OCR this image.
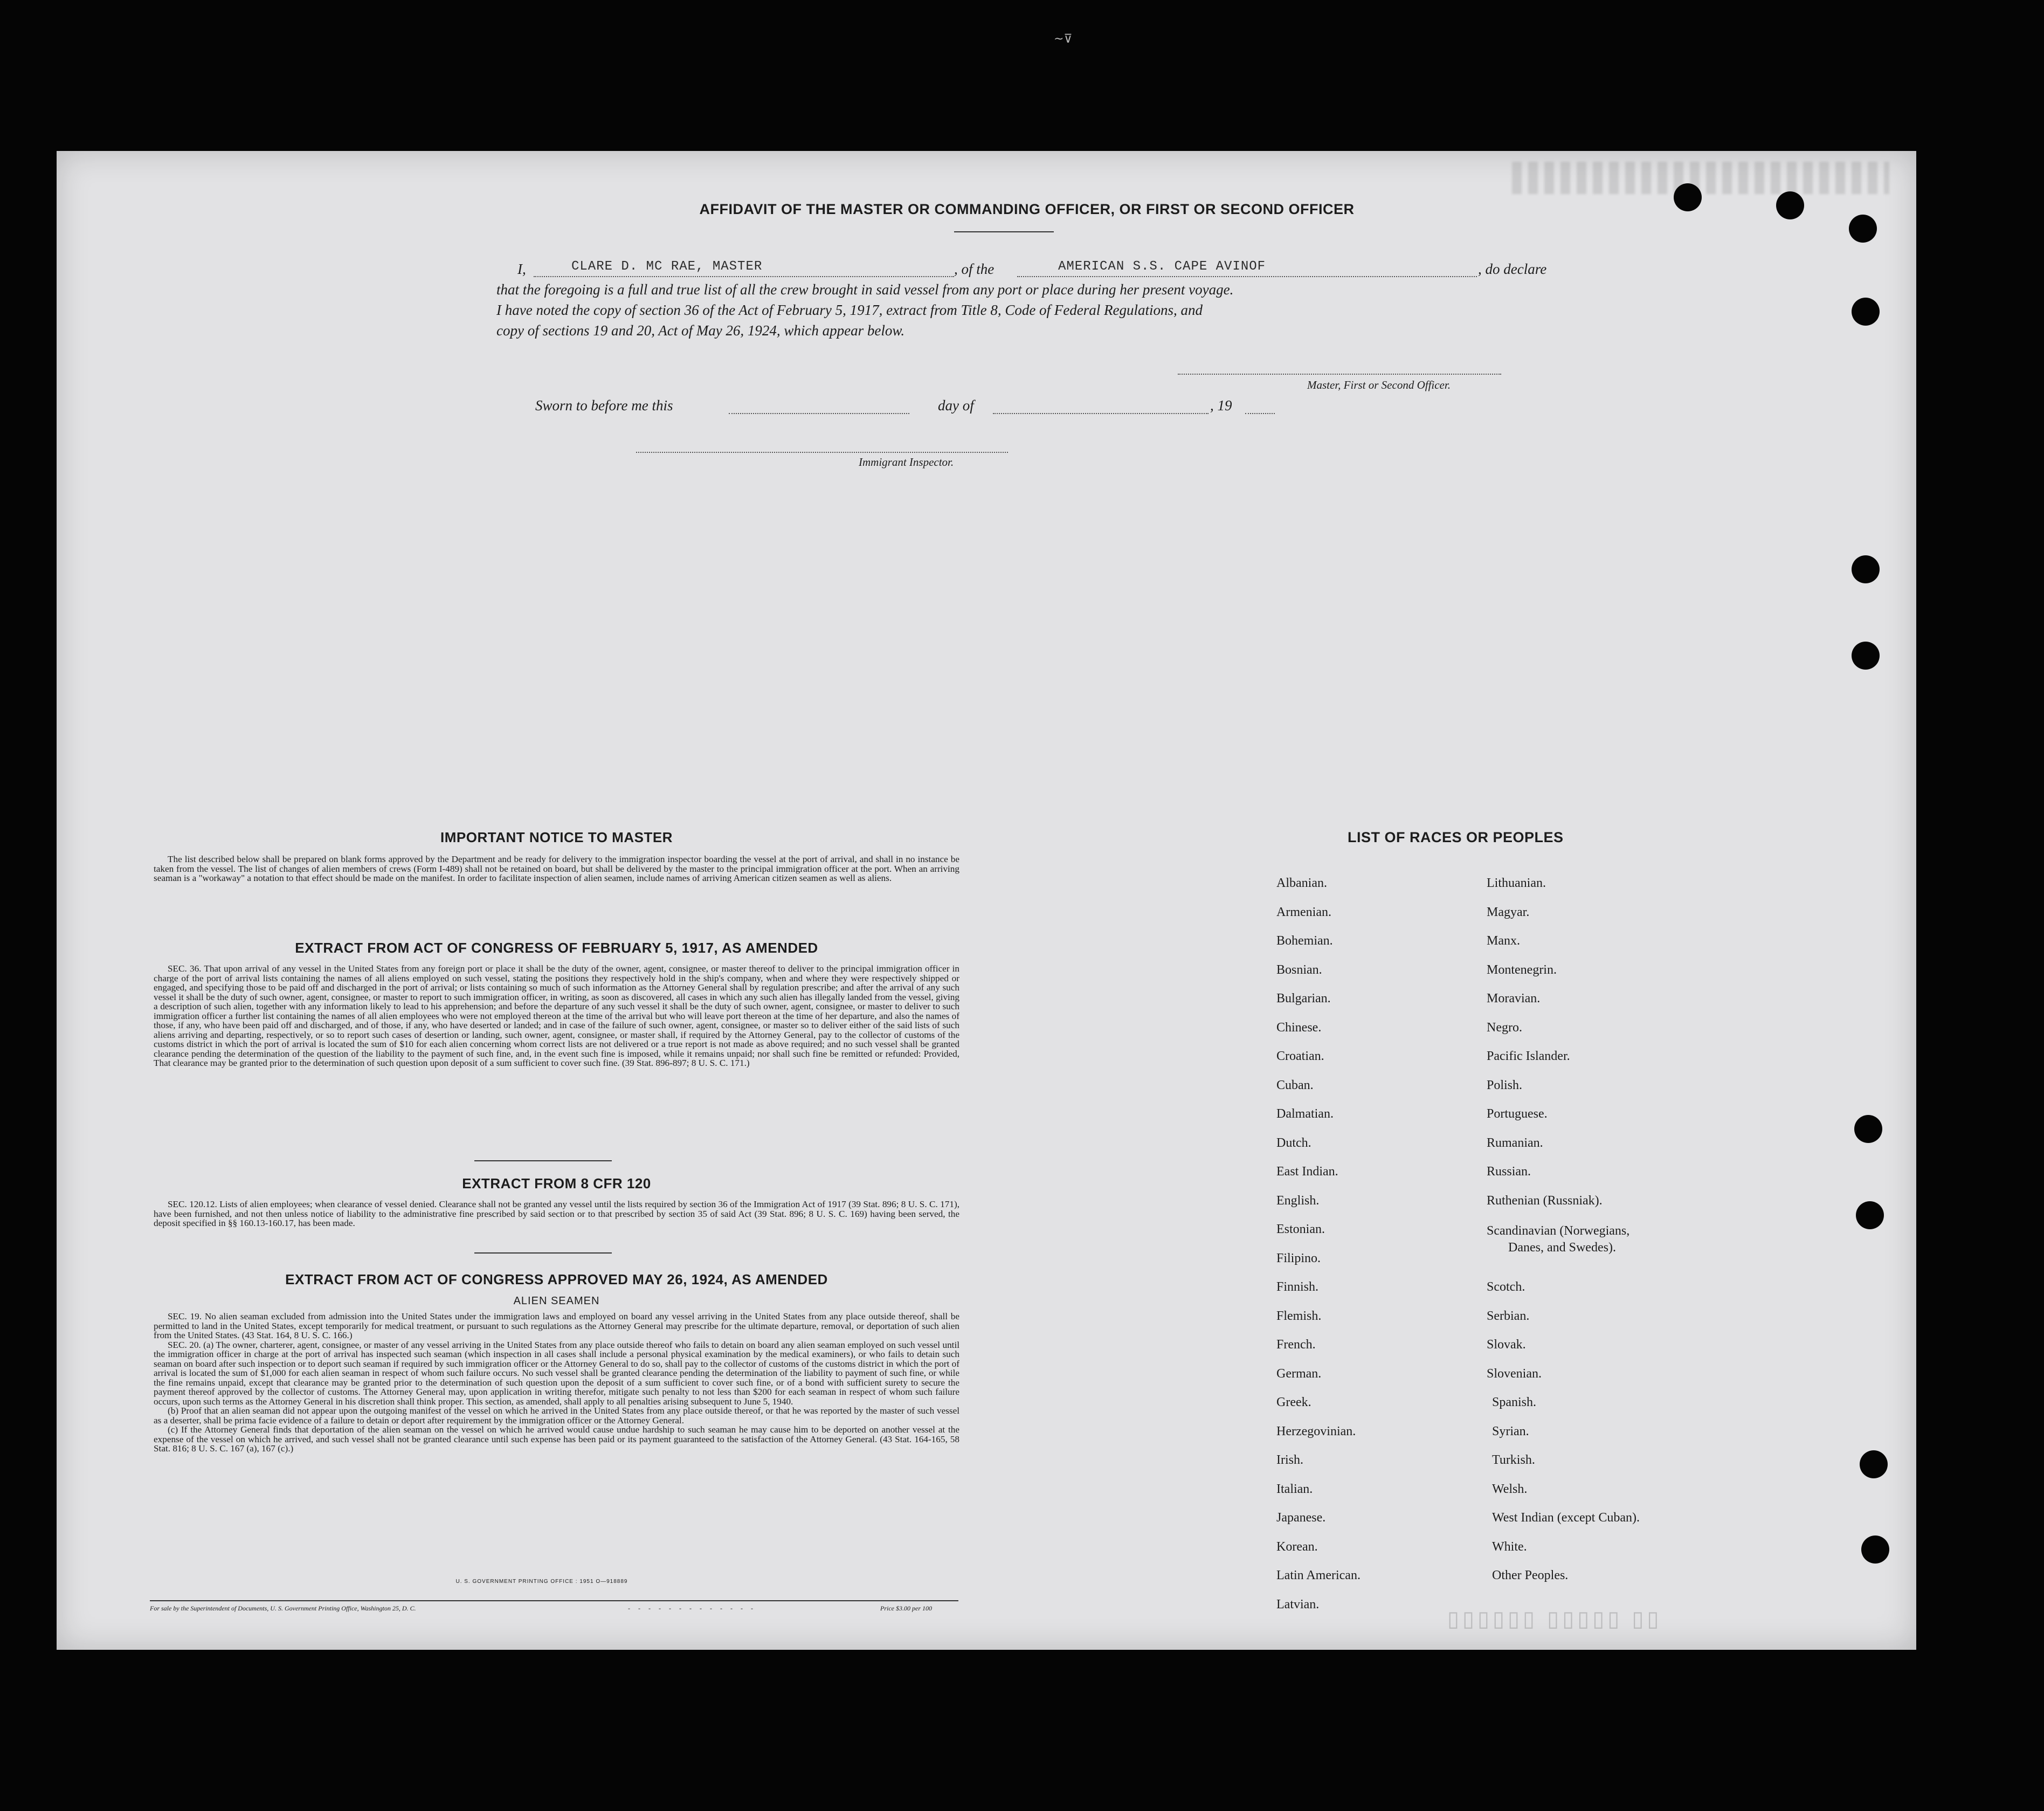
~⊽
▯▯▯▯▯▯ ▯▯▯▯▯ ▯▯
AFFIDAVIT OF THE MASTER OR COMMANDING OFFICER, OR FIRST OR SECOND OFFICER
I,	CLARE D. MC RAE, MASTER	, of the	AMERICAN S.S. CAPE AVINOF	, do declare
that the foregoing is a full and true list of all the crew brought in said vessel from any port or place during her present voyage.
I have noted the copy of section 36 of the Act of February 5, 1917, extract from Title 8, Code of Federal Regulations, and
copy of sections 19 and 20, Act of May 26, 1924, which appear below.
Master, First or Second Officer.
Sworn to before me this	day of	, 19
Immigrant Inspector.
IMPORTANT NOTICE TO MASTER
The list described below shall be prepared on blank forms approved by the Department and be ready for delivery to the immigration inspector boarding the vessel at the port of arrival, and shall in no instance be taken from the vessel. The list of changes of alien members of crews (Form I-489) shall not be retained on board, but shall be delivered by the master to the principal immigration officer at the port. When an arriving seaman is a "workaway" a notation to that effect should be made on the manifest. In order to facilitate inspection of alien seamen, include names of arriving American citizen seamen as well as aliens.
EXTRACT FROM ACT OF CONGRESS OF FEBRUARY 5, 1917, AS AMENDED
SEC. 36. That upon arrival of any vessel in the United States from any foreign port or place it shall be the duty of the owner, agent, consignee, or master thereof to deliver to the principal immigration officer in charge of the port of arrival lists containing the names of all aliens employed on such vessel, stating the positions they respectively hold in the ship's company, when and where they were respectively shipped or engaged, and specifying those to be paid off and discharged in the port of arrival; or lists containing so much of such information as the Attorney General shall by regulation prescribe; and after the arrival of any such vessel it shall be the duty of such owner, agent, consignee, or master to report to such immigration officer, in writing, as soon as discovered, all cases in which any such alien has illegally landed from the vessel, giving a description of such alien, together with any information likely to lead to his apprehension; and before the departure of any such vessel it shall be the duty of such owner, agent, consignee, or master to deliver to such immigration officer a further list containing the names of all alien employees who were not employed thereon at the time of the arrival but who will leave port thereon at the time of her departure, and also the names of those, if any, who have been paid off and discharged, and of those, if any, who have deserted or landed; and in case of the failure of such owner, agent, consignee, or master so to deliver either of the said lists of such aliens arriving and departing, respectively, or so to report such cases of desertion or landing, such owner, agent, consignee, or master shall, if required by the Attorney General, pay to the collector of customs of the customs district in which the port of arrival is located the sum of $10 for each alien concerning whom correct lists are not delivered or a true report is not made as above required; and no such vessel shall be granted clearance pending the determination of the question of the liability to the payment of such fine, and, in the event such fine is imposed, while it remains unpaid; nor shall such fine be remitted or refunded: Provided, That clearance may be granted prior to the determination of such question upon deposit of a sum sufficient to cover such fine. (39 Stat. 896-897; 8 U. S. C. 171.)
EXTRACT FROM 8 CFR 120
SEC. 120.12. Lists of alien employees; when clearance of vessel denied. Clearance shall not be granted any vessel until the lists required by section 36 of the Immigration Act of 1917 (39 Stat. 896; 8 U. S. C. 171), have been furnished, and not then unless notice of liability to the administrative fine prescribed by said section or to that prescribed by section 35 of said Act (39 Stat. 896; 8 U. S. C. 169) having been served, the deposit specified in §§ 160.13-160.17, has been made.
EXTRACT FROM ACT OF CONGRESS APPROVED MAY 26, 1924, AS AMENDED
ALIEN SEAMEN
SEC. 19. No alien seaman excluded from admission into the United States under the immigration laws and employed on board any vessel arriving in the United States from any place outside thereof, shall be permitted to land in the United States, except temporarily for medical treatment, or pursuant to such regulations as the Attorney General may prescribe for the ultimate departure, removal, or deportation of such alien from the United States. (43 Stat. 164, 8 U. S. C. 166.)
SEC. 20. (a) The owner, charterer, agent, consignee, or master of any vessel arriving in the United States from any place outside thereof who fails to detain on board any alien seaman employed on such vessel until the immigration officer in charge at the port of arrival has inspected such seaman (which inspection in all cases shall include a personal physical examination by the medical examiners), or who fails to detain such seaman on board after such inspection or to deport such seaman if required by such immigration officer or the Attorney General to do so, shall pay to the collector of customs of the customs district in which the port of arrival is located the sum of $1,000 for each alien seaman in respect of whom such failure occurs. No such vessel shall be granted clearance pending the determination of the liability to payment of such fine, or while the fine remains unpaid, except that clearance may be granted prior to the determination of such question upon the deposit of a sum sufficient to cover such fine, or of a bond with sufficient surety to secure the payment thereof approved by the collector of customs. The Attorney General may, upon application in writing therefor, mitigate such penalty to not less than $200 for each seaman in respect of whom such failure occurs, upon such terms as the Attorney General in his discretion shall think proper. This section, as amended, shall apply to all penalties arising subsequent to June 5, 1940.
(b) Proof that an alien seaman did not appear upon the outgoing manifest of the vessel on which he arrived in the United States from any place outside thereof, or that he was reported by the master of such vessel as a deserter, shall be prima facie evidence of a failure to detain or deport after requirement by the immigration officer or the Attorney General.
(c) If the Attorney General finds that deportation of the alien seaman on the vessel on which he arrived would cause undue hardship to such seaman he may cause him to be deported on another vessel at the expense of the vessel on which he arrived, and such vessel shall not be granted clearance until such expense has been paid or its payment guaranteed to the satisfaction of the Attorney General. (43 Stat. 164-165, 58 Stat. 816; 8 U. S. C. 167 (a), 167 (c).)
U. S. GOVERNMENT PRINTING OFFICE : 1951 O—918889
For sale by the Superintendent of Documents, U. S. Government Printing Office, Washington 25, D. C.	- - - - - - - - - - - - -	Price $3.00 per 100
LIST OF RACES OR PEOPLES
Albanian.
Armenian.
Bohemian.
Bosnian.
Bulgarian.
Chinese.
Croatian.
Cuban.
Dalmatian.
Dutch.
East Indian.
English.
Estonian.
Filipino.
Finnish.
Flemish.
French.
German.
Greek.
Herzegovinian.
Irish.
Italian.
Japanese.
Korean.
Latin American.
Latvian.
Lithuanian.
Magyar.
Manx.
Montenegrin.
Moravian.
Negro.
Pacific Islander.
Polish.
Portuguese.
Rumanian.
Russian.
Ruthenian (Russniak).
Scandinavian (Norwegians,
Danes, and Swedes).
Scotch.
Serbian.
Slovak.
Slovenian.
Spanish.
Syrian.
Turkish.
Welsh.
West Indian (except Cuban).
White.
Other Peoples.
